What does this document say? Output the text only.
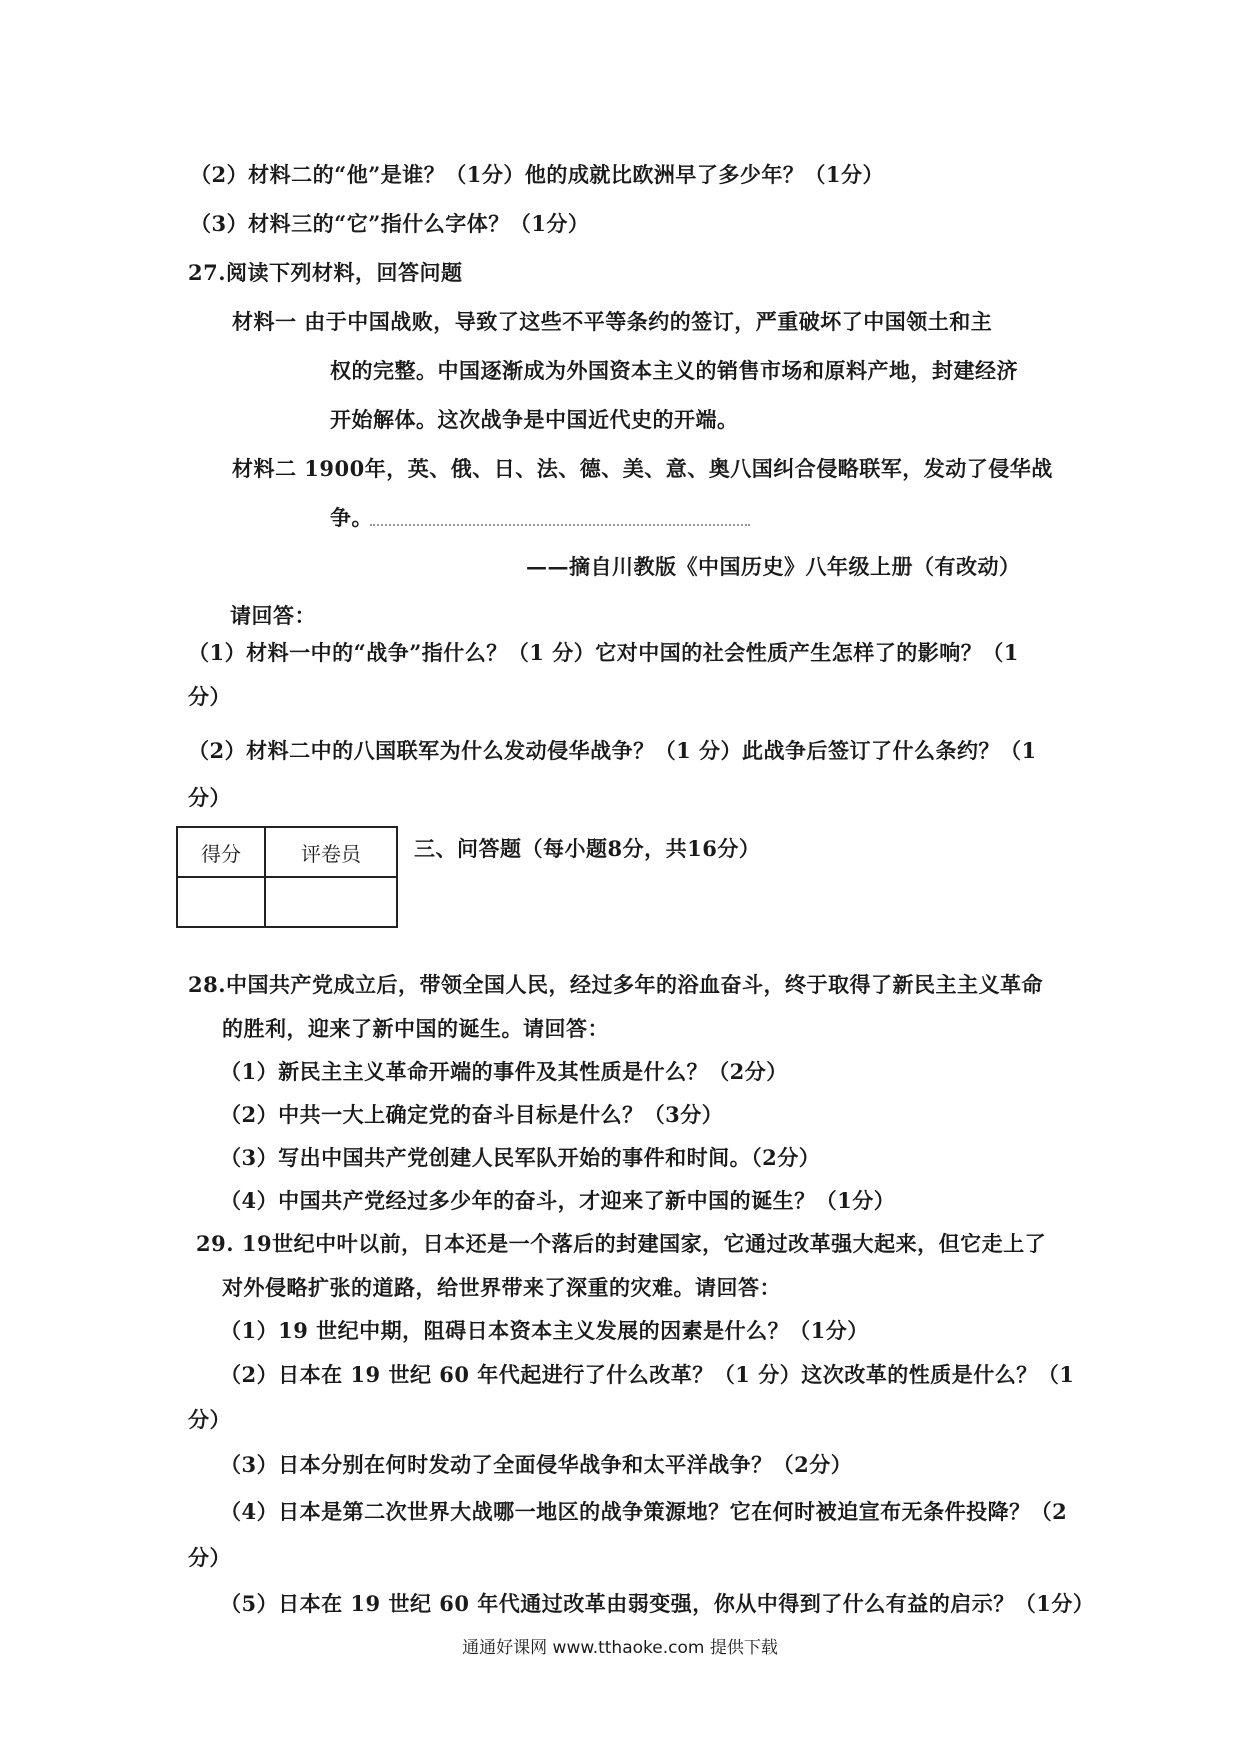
（2）材料二的“他”是谁？（1分）他的成就比欧洲早了多少年？（1分）
（3）材料三的“它”指什么字体？（1分）
27.阅读下列材料，回答问题
材料一 由于中国战败，导致了这些不平等条约的签订，严重破坏了中国领土和主
权的完整。中国逐渐成为外国资本主义的销售市场和原料产地，封建经济
开始解体。这次战争是中国近代史的开端。
材料二 1900年，英、俄、日、法、德、美、意、奥八国纠合侵略联军，发动了侵华战
争。
——摘自川教版《中国历史》八年级上册（有改动）
请回答：
（1）材料一中的“战争”指什么？（1 分）它对中国的社会性质产生怎样了的影响？（1
分）
（2）材料二中的八国联军为什么发动侵华战争？（1 分）此战争后签订了什么条约？（1
分）
得分	评卷员
		三、问答题（每小题8分，共16分）
28.中国共产党成立后，带领全国人民，经过多年的浴血奋斗，终于取得了新民主主义革命
的胜利，迎来了新中国的诞生。请回答：
（1）新民主主义革命开端的事件及其性质是什么？（2分）
（2）中共一大上确定党的奋斗目标是什么？（3分）
（3）写出中国共产党创建人民军队开始的事件和时间。（2分）
（4）中国共产党经过多少年的奋斗，才迎来了新中国的诞生？（1分）
29. 19世纪中叶以前，日本还是一个落后的封建国家，它通过改革强大起来，但它走上了
对外侵略扩张的道路，给世界带来了深重的灾难。请回答：
（1）19 世纪中期，阻碍日本资本主义发展的因素是什么？（1分）
（2）日本在 19 世纪 60 年代起进行了什么改革？（1 分）这次改革的性质是什么？（1
分）
（3）日本分别在何时发动了全面侵华战争和太平洋战争？（2分）
（4）日本是第二次世界大战哪一地区的战争策源地？它在何时被迫宣布无条件投降？（2
分）
（5）日本在 19 世纪 60 年代通过改革由弱变强，你从中得到了什么有益的启示？（1分）
通通好课网 www.tthaoke.com 提供下载
